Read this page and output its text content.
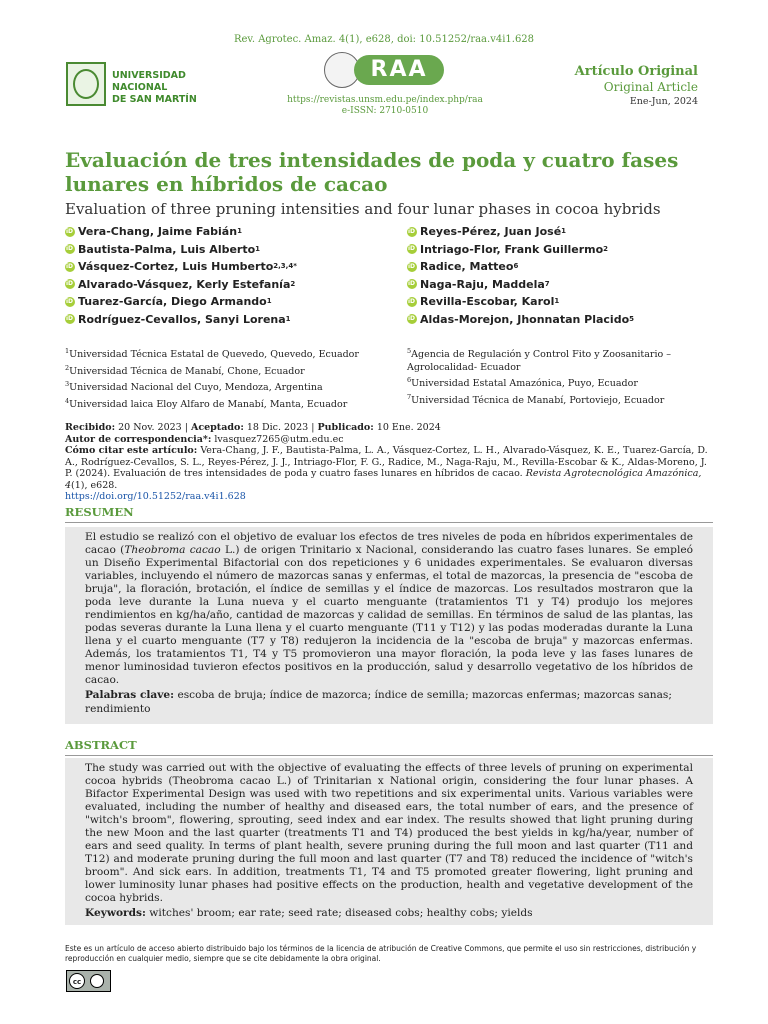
Rev. Agrotec. Amaz. 4(1), e628, doi: 10.51252/raa.v4i1.628
UNIVERSIDAD NACIONAL
DE SAN MARTÍN
RAA
https://revistas.unsm.edu.pe/index.php/raa
e-ISSN: 2710-0510
Artículo Original
Original Article
Ene-Jun, 2024
Evaluación de tres intensidades de poda y cuatro fases lunares en híbridos de cacao
Evaluation of three pruning intensities and four lunar phases in cocoa hybrids
iD
Vera-Chang, Jaime Fabián 1
iD
Bautista-Palma, Luis Alberto 1
iD
Vásquez-Cortez, Luis Humberto 2,3,4*
iD
Alvarado-Vásquez, Kerly Estefanía 2
iD
Tuarez-García, Diego Armando 1
iD
Rodríguez-Cevallos, Sanyi Lorena 1
iD
Reyes-Pérez, Juan José 1
iD
Intriago-Flor, Frank Guillermo 2
iD
Radice, Matteo 6
iD
Naga-Raju, Maddela 7
iD
Revilla-Escobar, Karol 1
iD
Aldas-Morejon, Jhonnatan Placido 5
$^1$Universidad Técnica Estatal de Quevedo, Quevedo, Ecuador
$^2$Universidad Técnica de Manabí, Chone, Ecuador
$^3$Universidad Nacional del Cuyo, Mendoza, Argentina
$^4$Universidad laica Eloy Alfaro de Manabí, Manta, Ecuador
$^5$Agencia de Regulación y Control Fito y Zoosanitario – Agrolocalidad- Ecuador
$^6$Universidad Estatal Amazónica, Puyo, Ecuador
$^7$Universidad Técnica de Manabí, Portoviejo, Ecuador
Recibido: 20 Nov. 2023 | Aceptado: 18 Dic. 2023 | Publicado: 10 Ene. 2024
Autor de correspondencia*: lvasquez7265@utm.edu.ec
Cómo citar este artículo: Vera-Chang, J. F., Bautista-Palma, L. A., Vásquez-Cortez, L. H., Alvarado-Vásquez, K. E., Tuarez-García, D. A., Rodríguez-Cevallos, S. L., Reyes-Pérez, J. J., Intriago-Flor, F. G., Radice, M., Naga-Raju, M., Revilla-Escobar & K., Aldas-Moreno, J. P. (2024). Evaluación de tres intensidades de poda y cuatro fases lunares en híbridos de cacao. Revista Agrotecnológica Amazónica, 4(1), e628.
https://doi.org/10.51252/raa.v4i1.628
RESUMEN

El estudio se realizó con el objetivo de evaluar los efectos de tres niveles de poda en híbridos experimentales de cacao (Theobroma cacao L.) de origen Trinitario x Nacional, considerando las cuatro fases lunares. Se empleó un Diseño Experimental Bifactorial con dos repeticiones y 6 unidades experimentales. Se evaluaron diversas variables, incluyendo el número de mazorcas sanas y enfermas, el total de mazorcas, la presencia de "escoba de bruja", la floración, brotación, el índice de semillas y el índice de mazorcas. Los resultados mostraron que la poda leve durante la Luna nueva y el cuarto menguante (tratamientos T1 y T4) produjo los mejores rendimientos en kg/ha/año, cantidad de mazorcas y calidad de semillas. En términos de salud de las plantas, las podas severas durante la Luna llena y el cuarto menguante (T11 y T12) y las podas moderadas durante la Luna llena y el cuarto menguante (T7 y T8) redujeron la incidencia de la "escoba de bruja" y mazorcas enfermas. Además, los tratamientos T1, T4 y T5 promovieron una mayor floración, la poda leve y las fases lunares de menor luminosidad tuvieron efectos positivos en la producción, salud y desarrollo vegetativo de los híbridos de cacao.

Palabras clave: escoba de bruja; índice de mazorca; índice de semilla; mazorcas enfermas; mazorcas sanas; rendimiento
ABSTRACT

The study was carried out with the objective of evaluating the effects of three levels of pruning on experimental cocoa hybrids (Theobroma cacao L.) of Trinitarian x National origin, considering the four lunar phases. A Bifactor Experimental Design was used with two repetitions and six experimental units. Various variables were evaluated, including the number of healthy and diseased ears, the total number of ears, and the presence of "witch's broom", flowering, sprouting, seed index and ear index. The results showed that light pruning during the new Moon and the last quarter (treatments T1 and T4) produced the best yields in kg/ha/year, number of ears and seed quality. In terms of plant health, severe pruning during the full moon and last quarter (T11 and T12) and moderate pruning during the full moon and last quarter (T7 and T8) reduced the incidence of "witch's broom". And sick ears. In addition, treatments T1, T4 and T5 promoted greater flowering, light pruning and lower luminosity lunar phases had positive effects on the production, health and vegetative development of the cocoa hybrids.

Keywords: witches' broom; ear rate; seed rate; diseased cobs; healthy cobs; yields
Este es un artículo de acceso abierto distribuido bajo los términos de la licencia de atribución de Creative Commons, que permite el uso sin restricciones, distribución y reproducción en cualquier medio, siempre que se cite debidamente la obra original.
cc
